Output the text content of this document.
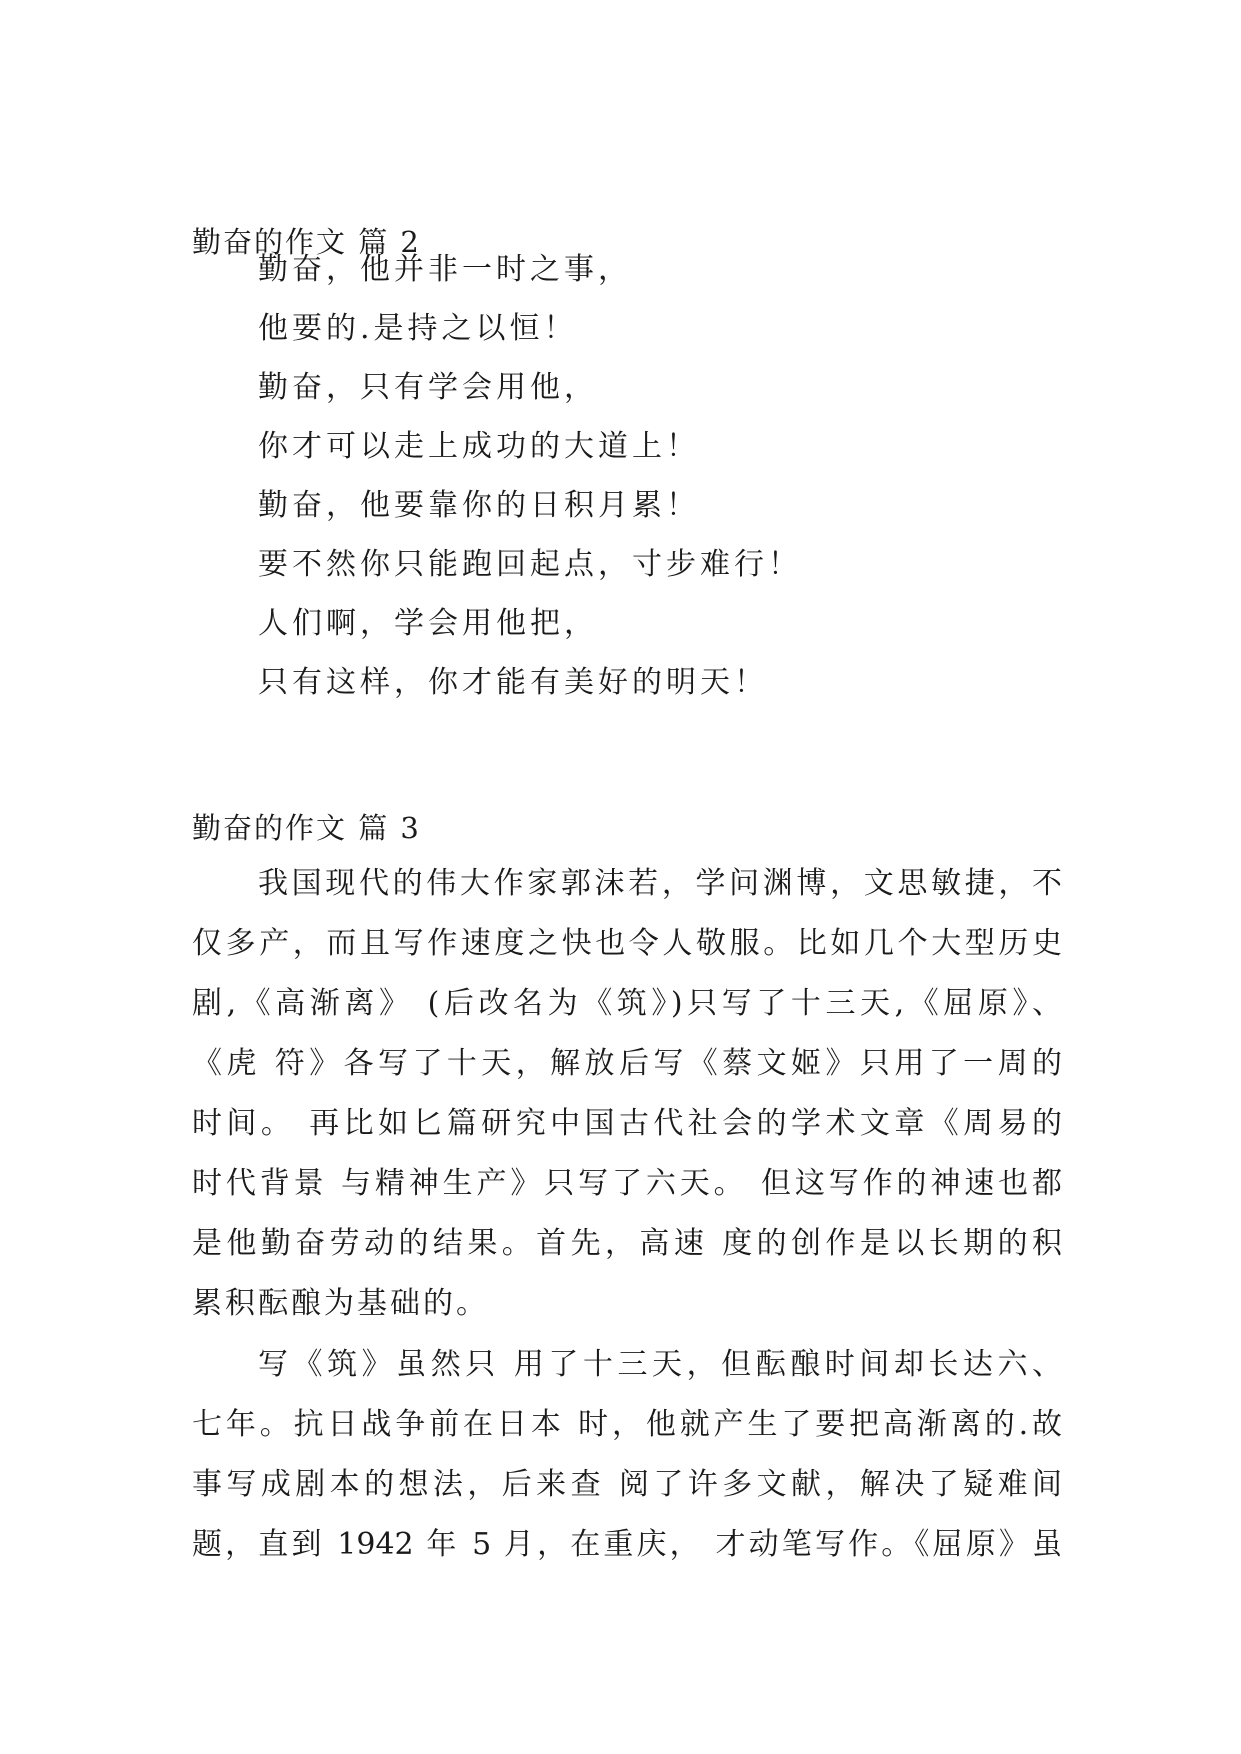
勤奋的作文 篇 2
勤奋，他并非一时之事，
他要的.是持之以恒！
勤奋，只有学会用他，
你才可以走上成功的大道上！
勤奋，他要靠你的日积月累！
要不然你只能跑回起点，寸步难行！
人们啊，学会用他把，
只有这样，你才能有美好的明天！
勤奋的作文 篇 3
我国现代的伟大作家郭沫若，学问渊博，文思敏捷，不
仅多产，而且写作速度之快也令人敬服。比如几个大型历史
剧,《高渐离》 (后改名为《筑》)只写了十三天,《屈原》、
《虎 符》各写了十天，解放后写《蔡文姬》只用了一周的
时间。 再比如匕篇研究中国古代社会的学术文章《周易的
时代背景 与精神生产》只写了六天。 但这写作的神速也都
是他勤奋劳动的结果。首先，高速 度的创作是以长期的积
累积酝酿为基础的。
写《筑》虽然只 用了十三天，但酝酿时间却长达六、
七年。抗日战争前在日本 时，他就产生了要把高渐离的.故
事写成剧本的想法，后来查 阅了许多文献，解决了疑难间
题，直到 1942 年 5 月，在重庆， 才动笔写作。《屈原》虽
